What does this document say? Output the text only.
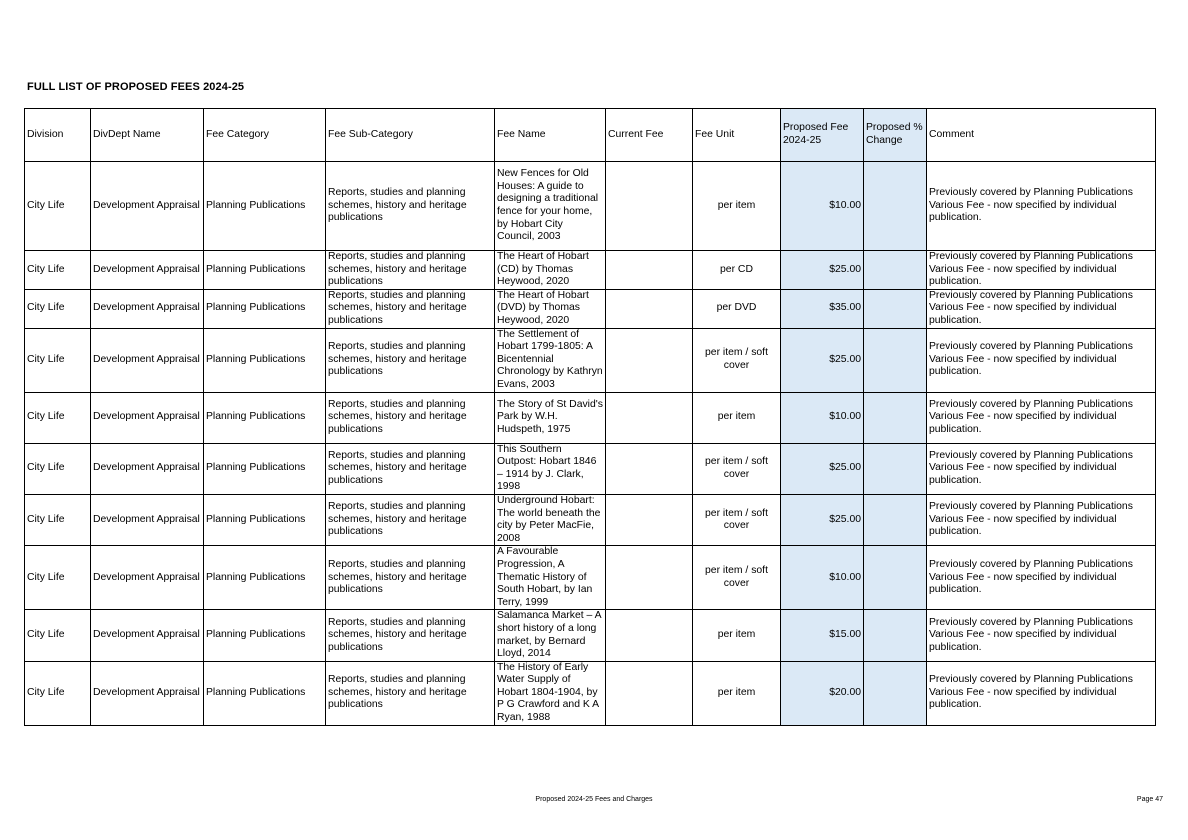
FULL LIST OF PROPOSED FEES 2024-25
Division	DivDept Name	Fee Category	Fee Sub-Category	Fee Name	Current Fee	Fee Unit	Proposed Fee 2024-25	Proposed % Change	Comment
City Life	Development Appraisal	Planning Publications	Reports, studies and planning schemes, history and heritage publications	New Fences for Old Houses: A guide to designing a traditional fence for your home, by Hobart City Council, 2003		per item	$10.00		Previously covered by Planning Publications Various Fee - now specified by individual publication.
City Life	Development Appraisal	Planning Publications	Reports, studies and planning schemes, history and heritage publications	The Heart of Hobart (CD) by Thomas Heywood, 2020		per CD	$25.00		Previously covered by Planning Publications Various Fee - now specified by individual publication.
City Life	Development Appraisal	Planning Publications	Reports, studies and planning schemes, history and heritage publications	The Heart of Hobart (DVD) by Thomas Heywood, 2020		per DVD	$35.00		Previously covered by Planning Publications Various Fee - now specified by individual publication.
City Life	Development Appraisal	Planning Publications	Reports, studies and planning schemes, history and heritage publications	The Settlement of Hobart 1799-1805: A Bicentennial Chronology by Kathryn Evans, 2003		per item / soft cover	$25.00		Previously covered by Planning Publications Various Fee - now specified by individual publication.
City Life	Development Appraisal	Planning Publications	Reports, studies and planning schemes, history and heritage publications	The Story of St David's Park by W.H. Hudspeth, 1975		per item	$10.00		Previously covered by Planning Publications Various Fee - now specified by individual publication.
City Life	Development Appraisal	Planning Publications	Reports, studies and planning schemes, history and heritage publications	This Southern Outpost: Hobart 1846 – 1914 by J. Clark, 1998		per item / soft cover	$25.00		Previously covered by Planning Publications Various Fee - now specified by individual publication.
City Life	Development Appraisal	Planning Publications	Reports, studies and planning schemes, history and heritage publications	Underground Hobart: The world beneath the city by Peter MacFie, 2008		per item / soft cover	$25.00		Previously covered by Planning Publications Various Fee - now specified by individual publication.
City Life	Development Appraisal	Planning Publications	Reports, studies and planning schemes, history and heritage publications	A Favourable Progression, A Thematic History of South Hobart, by Ian Terry, 1999		per item / soft cover	$10.00		Previously covered by Planning Publications Various Fee - now specified by individual publication.
City Life	Development Appraisal	Planning Publications	Reports, studies and planning schemes, history and heritage publications	Salamanca Market – A short history of a long market, by Bernard Lloyd, 2014		per item	$15.00		Previously covered by Planning Publications Various Fee - now specified by individual publication.
City Life	Development Appraisal	Planning Publications	Reports, studies and planning schemes, history and heritage publications	The History of Early Water Supply of Hobart 1804-1904, by P G Crawford and K A Ryan, 1988		per item	$20.00		Previously covered by Planning Publications Various Fee - now specified by individual publication.
Proposed 2024-25 Fees and Charges	Page 47
